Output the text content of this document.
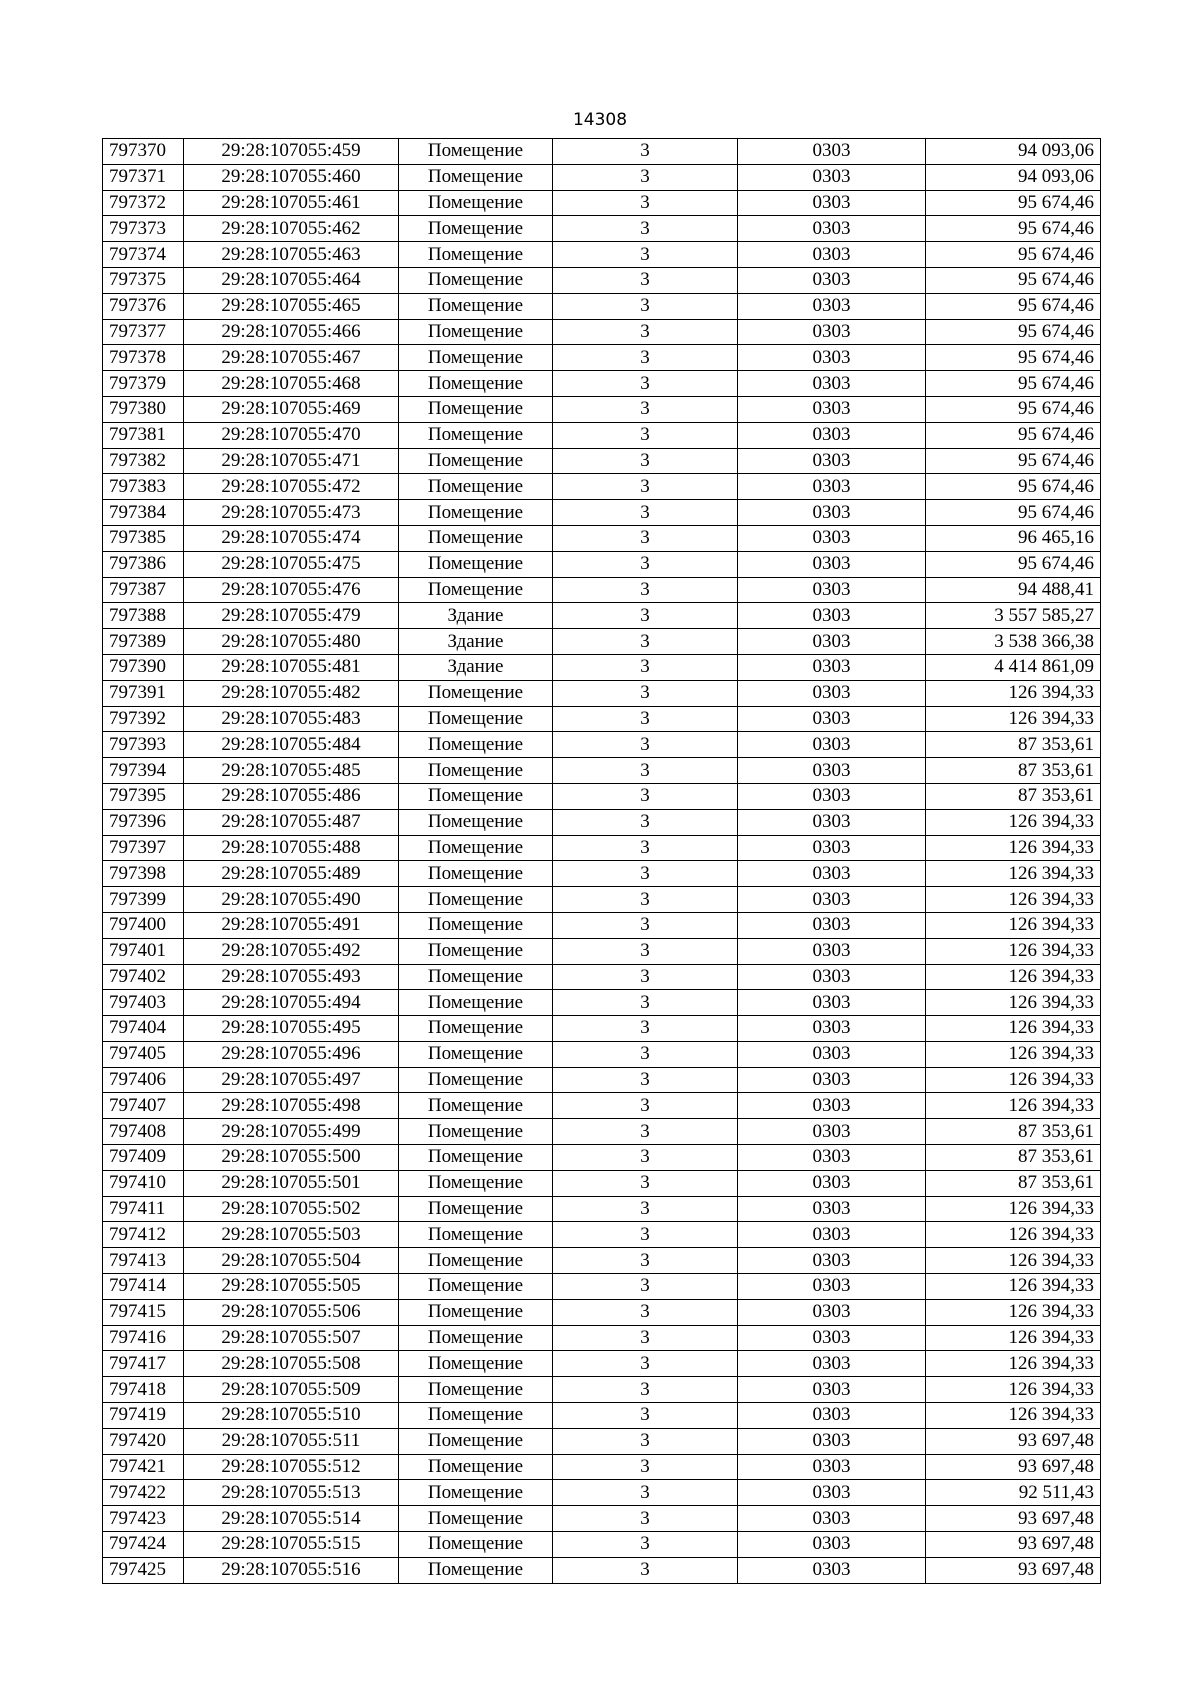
14308
797370	29:28:107055:459	Помещение	3	0303	94 093,06
797371	29:28:107055:460	Помещение	3	0303	94 093,06
797372	29:28:107055:461	Помещение	3	0303	95 674,46
797373	29:28:107055:462	Помещение	3	0303	95 674,46
797374	29:28:107055:463	Помещение	3	0303	95 674,46
797375	29:28:107055:464	Помещение	3	0303	95 674,46
797376	29:28:107055:465	Помещение	3	0303	95 674,46
797377	29:28:107055:466	Помещение	3	0303	95 674,46
797378	29:28:107055:467	Помещение	3	0303	95 674,46
797379	29:28:107055:468	Помещение	3	0303	95 674,46
797380	29:28:107055:469	Помещение	3	0303	95 674,46
797381	29:28:107055:470	Помещение	3	0303	95 674,46
797382	29:28:107055:471	Помещение	3	0303	95 674,46
797383	29:28:107055:472	Помещение	3	0303	95 674,46
797384	29:28:107055:473	Помещение	3	0303	95 674,46
797385	29:28:107055:474	Помещение	3	0303	96 465,16
797386	29:28:107055:475	Помещение	3	0303	95 674,46
797387	29:28:107055:476	Помещение	3	0303	94 488,41
797388	29:28:107055:479	Здание	3	0303	3 557 585,27
797389	29:28:107055:480	Здание	3	0303	3 538 366,38
797390	29:28:107055:481	Здание	3	0303	4 414 861,09
797391	29:28:107055:482	Помещение	3	0303	126 394,33
797392	29:28:107055:483	Помещение	3	0303	126 394,33
797393	29:28:107055:484	Помещение	3	0303	87 353,61
797394	29:28:107055:485	Помещение	3	0303	87 353,61
797395	29:28:107055:486	Помещение	3	0303	87 353,61
797396	29:28:107055:487	Помещение	3	0303	126 394,33
797397	29:28:107055:488	Помещение	3	0303	126 394,33
797398	29:28:107055:489	Помещение	3	0303	126 394,33
797399	29:28:107055:490	Помещение	3	0303	126 394,33
797400	29:28:107055:491	Помещение	3	0303	126 394,33
797401	29:28:107055:492	Помещение	3	0303	126 394,33
797402	29:28:107055:493	Помещение	3	0303	126 394,33
797403	29:28:107055:494	Помещение	3	0303	126 394,33
797404	29:28:107055:495	Помещение	3	0303	126 394,33
797405	29:28:107055:496	Помещение	3	0303	126 394,33
797406	29:28:107055:497	Помещение	3	0303	126 394,33
797407	29:28:107055:498	Помещение	3	0303	126 394,33
797408	29:28:107055:499	Помещение	3	0303	87 353,61
797409	29:28:107055:500	Помещение	3	0303	87 353,61
797410	29:28:107055:501	Помещение	3	0303	87 353,61
797411	29:28:107055:502	Помещение	3	0303	126 394,33
797412	29:28:107055:503	Помещение	3	0303	126 394,33
797413	29:28:107055:504	Помещение	3	0303	126 394,33
797414	29:28:107055:505	Помещение	3	0303	126 394,33
797415	29:28:107055:506	Помещение	3	0303	126 394,33
797416	29:28:107055:507	Помещение	3	0303	126 394,33
797417	29:28:107055:508	Помещение	3	0303	126 394,33
797418	29:28:107055:509	Помещение	3	0303	126 394,33
797419	29:28:107055:510	Помещение	3	0303	126 394,33
797420	29:28:107055:511	Помещение	3	0303	93 697,48
797421	29:28:107055:512	Помещение	3	0303	93 697,48
797422	29:28:107055:513	Помещение	3	0303	92 511,43
797423	29:28:107055:514	Помещение	3	0303	93 697,48
797424	29:28:107055:515	Помещение	3	0303	93 697,48
797425	29:28:107055:516	Помещение	3	0303	93 697,48
